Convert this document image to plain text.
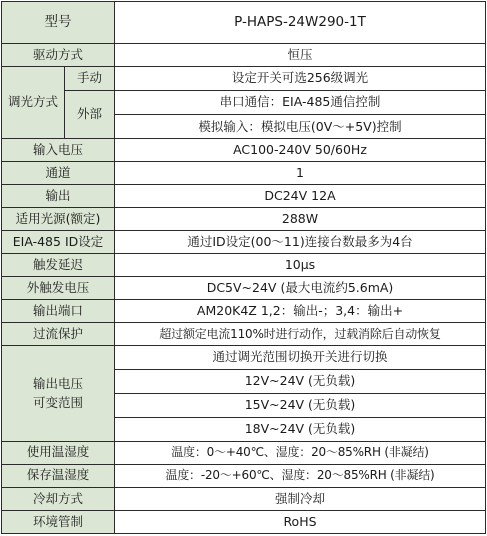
型号		P-HAPS-24W290-1T
驱动方式		恒压
调光方式	手动	设定开关可选256级调光
	外部	串口通信：EIA-485通信控制
		模拟输入：模拟电压(0V～+5V)控制
输入电压		AC100-240V 50/60Hz
通道		1
输出		DC24V 12A
适用光源(额定)		288W
EIA-485 ID设定		通过ID设定(00～11)连接台数最多为4台
触发延迟		10μs
外触发电压		DC5V~24V (最大电流约5.6mA)
输出端口		AM20K4Z 1,2：输出-；3,4：输出+
过流保护		超过额定电流110%时进行动作，过载消除后自动恢复

输出电压
可变范围		通过调光范围切换开关进行切换
		12V~24V (无负载)
		15V~24V (无负载)
		18V~24V (无负载)
使用温湿度		温度：0～+40℃、湿度：20～85%RH (非凝结)
保存温湿度		温度：-20～+60℃、湿度：20～85%RH (非凝结)
冷却方式		强制冷却
环境管制		RoHS
